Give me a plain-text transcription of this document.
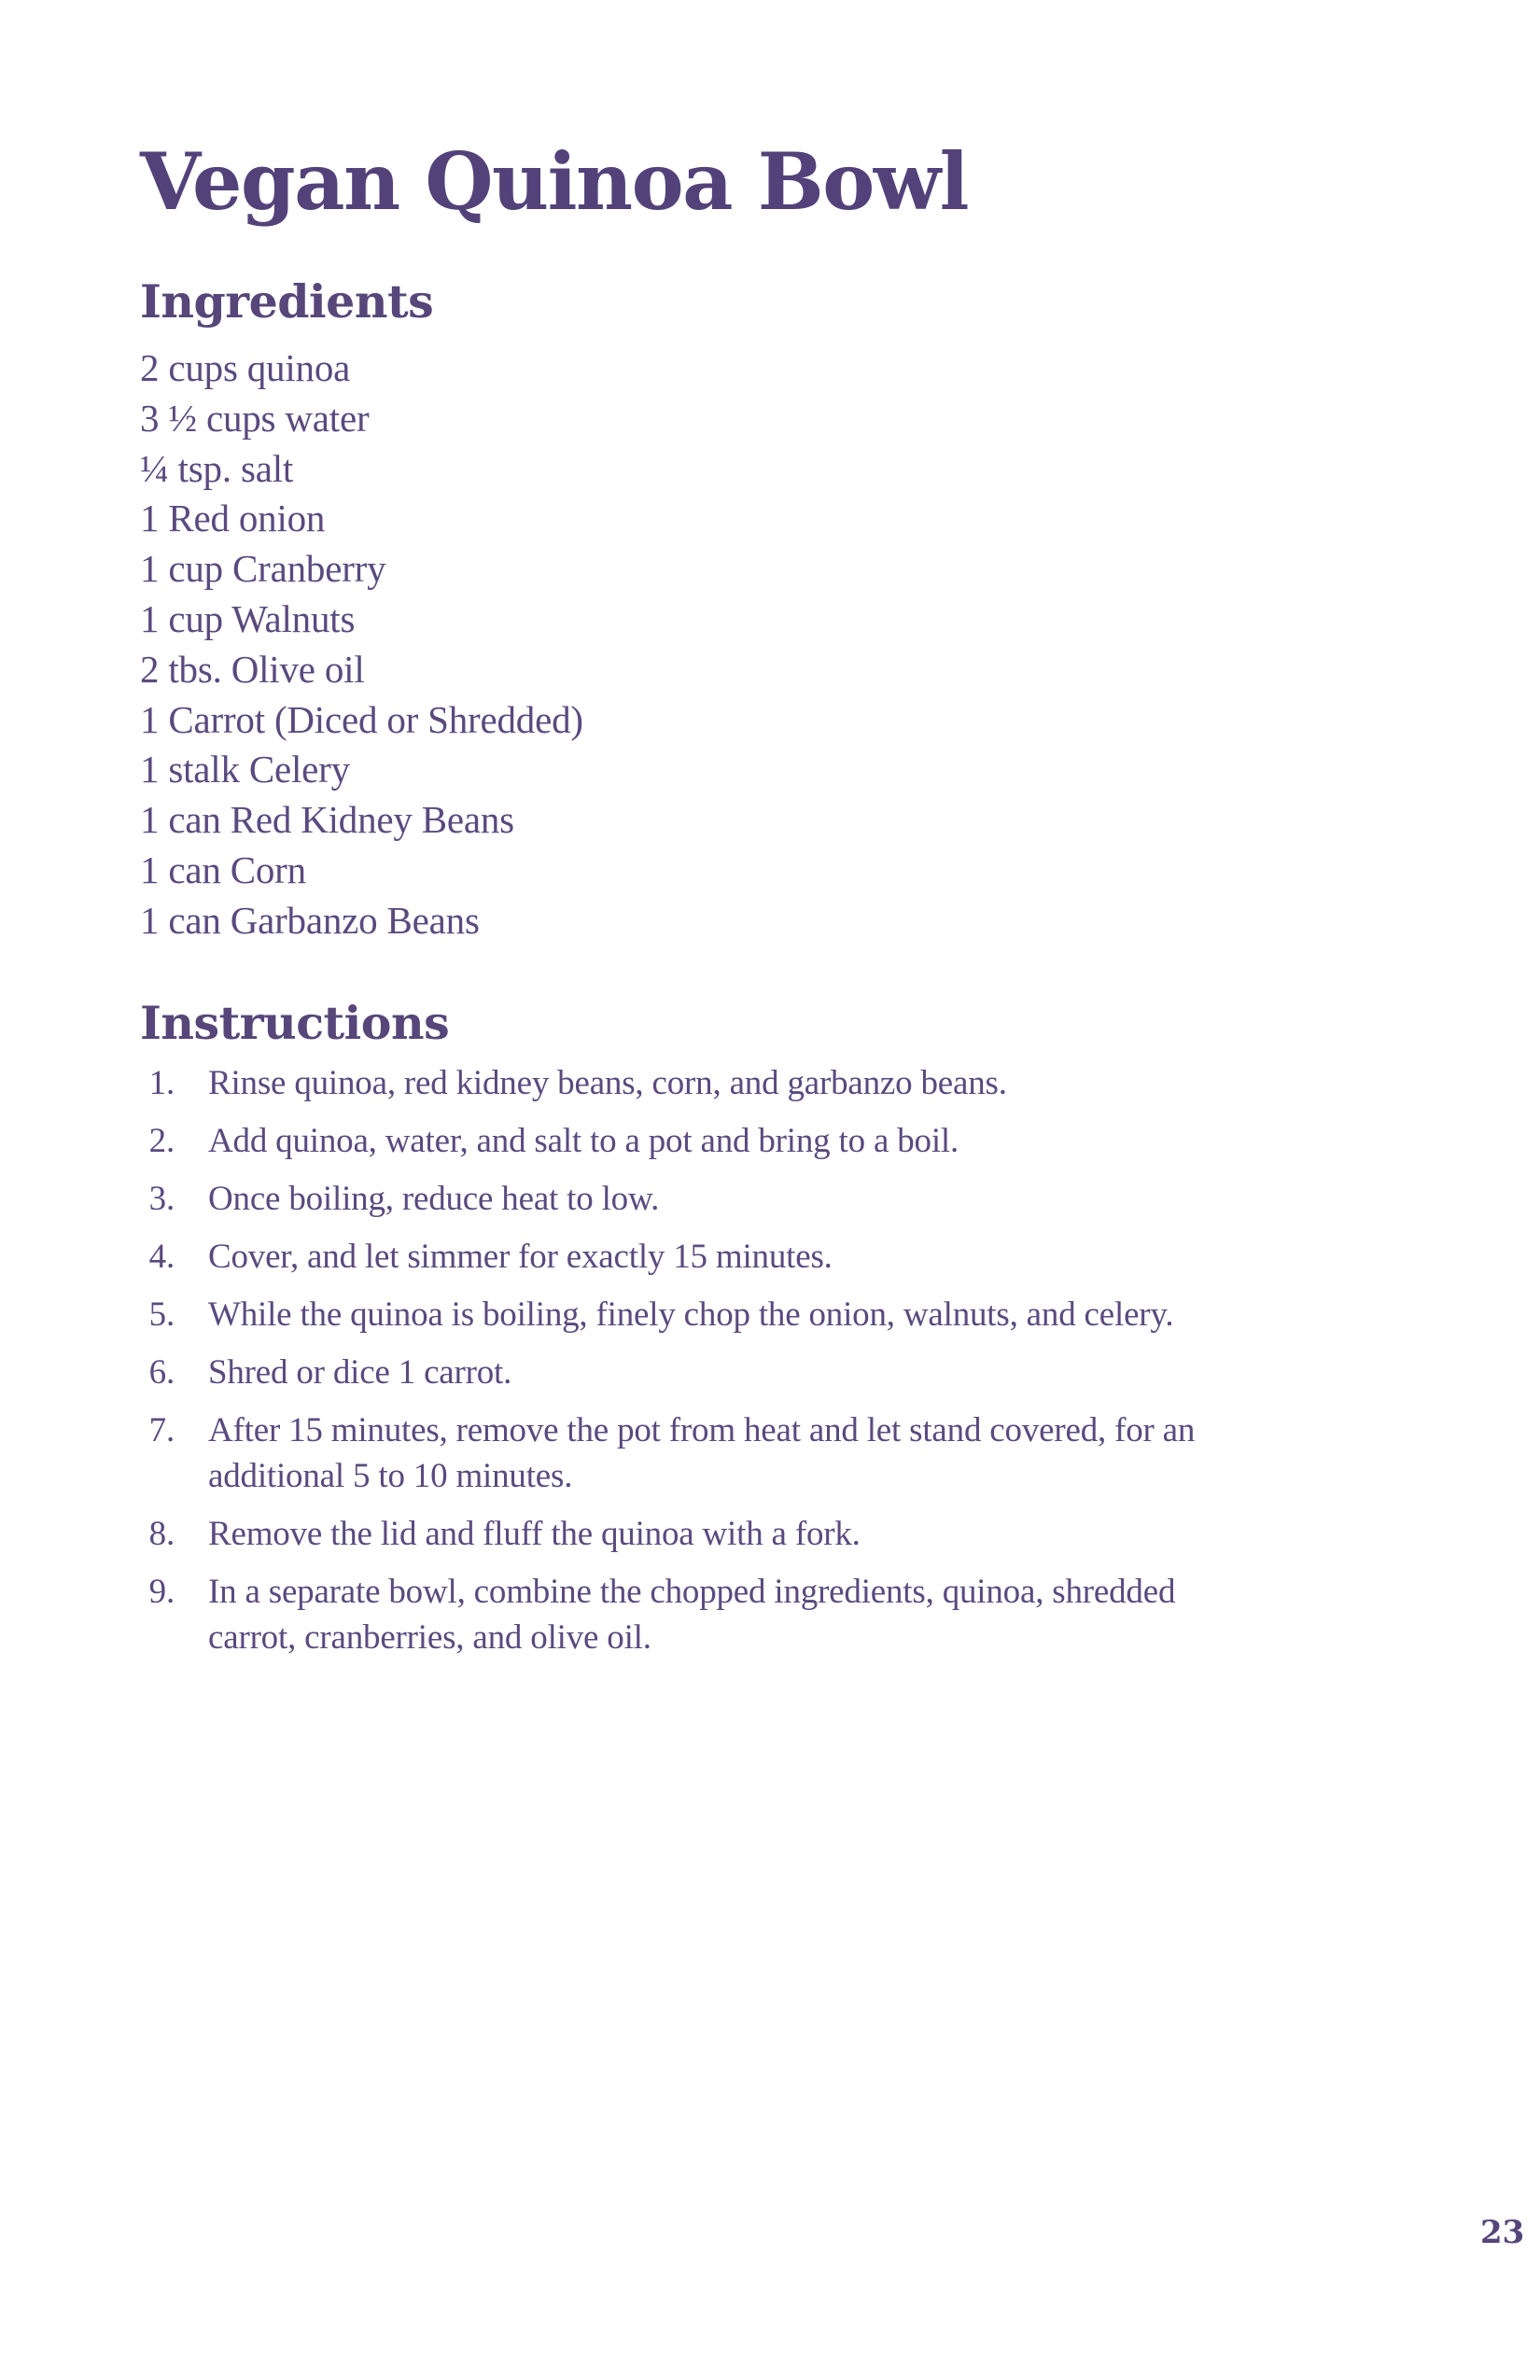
Vegan Quinoa Bowl
Ingredients
2 cups quinoa
3 ½ cups water
¼ tsp. salt
1 Red onion
1 cup Cranberry
1 cup Walnuts
2 tbs. Olive oil
1 Carrot (Diced or Shredded)
1 stalk Celery
1 can Red Kidney Beans
1 can Corn
1 can Garbanzo Beans
Instructions
1. Rinse quinoa, red kidney beans, corn, and garbanzo beans.
2. Add quinoa, water, and salt to a pot and bring to a boil.
3. Once boiling, reduce heat to low.
4. Cover, and let simmer for exactly 15 minutes.
5. While the quinoa is boiling, finely chop the onion, walnuts, and celery.
6. Shred or dice 1 carrot.
7. After 15 minutes, remove the pot from heat and let stand covered, for an additional 5 to 10 minutes.
8. Remove the lid and fluff the quinoa with a fork.
9. In a separate bowl, combine the chopped ingredients, quinoa, shredded carrot, cranberries, and olive oil.
23
